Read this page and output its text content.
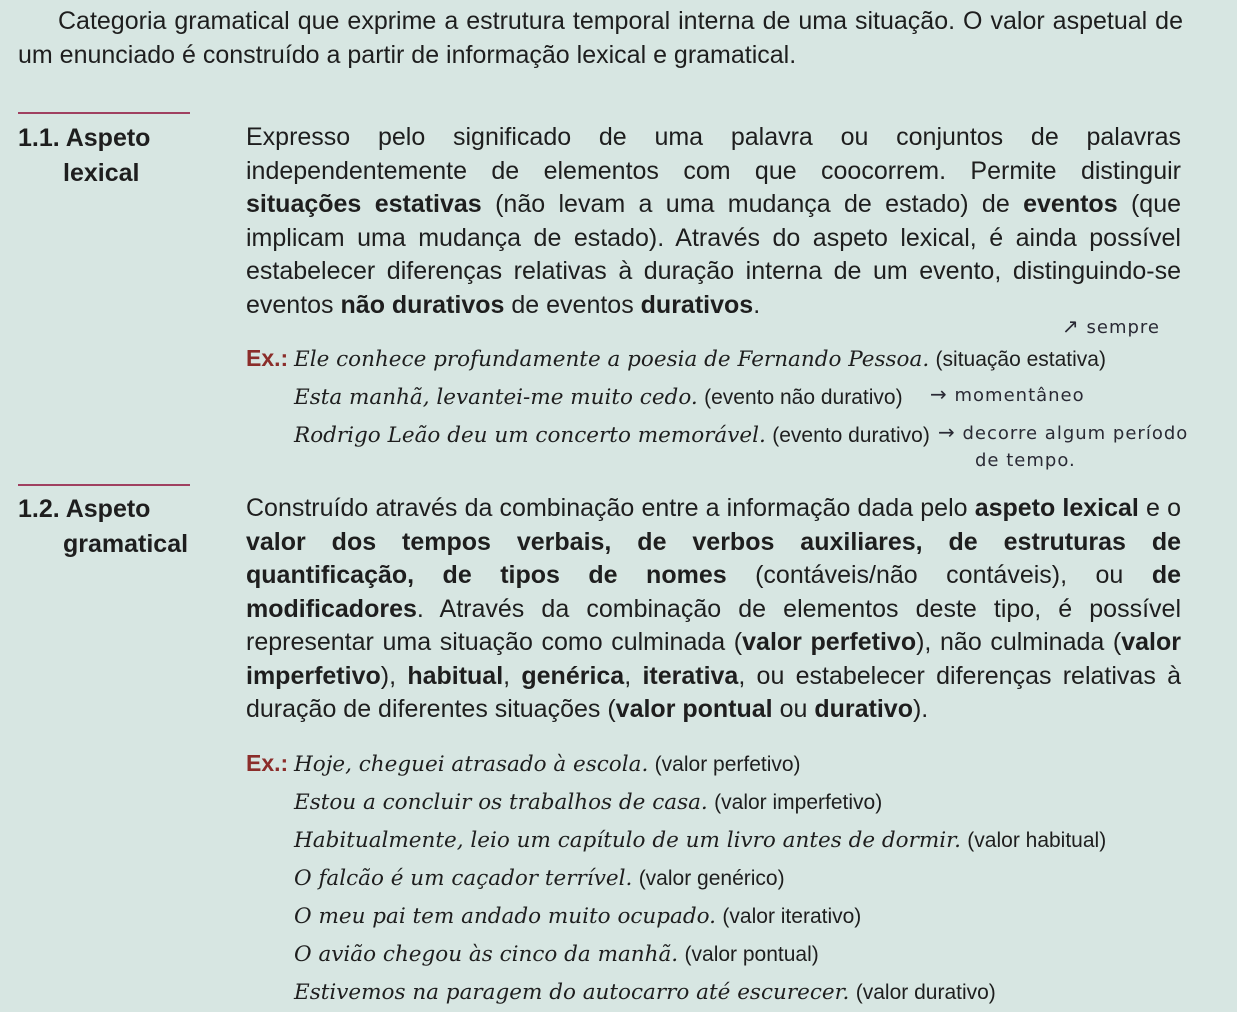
Categoria gramatical que exprime a estrutura temporal interna de uma situação. O valor aspetual de um enunciado é construído a partir de informação lexical e gramatical.

1.1. Aspeto
lexical

Expresso pelo significado de uma palavra ou conjuntos de palavras independentemente de elementos com que coocorrem. Permite distinguir situações estativas (não levam a uma mudança de estado) de eventos (que implicam uma mudança de estado). Através do aspeto lexical, é ainda possível estabelecer diferenças relativas à duração interna de um evento, distinguindo-se eventos não durativos de eventos durativos.

Ex.: Ele conhece profundamente a poesia de Fernando Pessoa. (situação estativa)
Esta manhã, levantei-me muito cedo. (evento não durativo)
Rodrigo Leão deu um concerto memorável. (evento durativo)
1.2. Aspeto
gramatical

Construído através da combinação entre a informação dada pelo aspeto lexical e o valor dos tempos verbais, de verbos auxiliares, de estruturas de quantificação, de tipos de nomes (contáveis/não contáveis), ou de modificadores. Através da combinação de elementos deste tipo, é possível representar uma situação como culminada (valor perfetivo), não culminada (valor imperfetivo), habitual, genérica, iterativa, ou estabelecer diferenças relativas à duração de diferentes situações (valor pontual ou durativo).

Ex.: Hoje, cheguei atrasado à escola. (valor perfetivo)
Estou a concluir os trabalhos de casa. (valor imperfetivo)
Habitualmente, leio um capítulo de um livro antes de dormir. (valor habitual)
O falcão é um caçador terrível. (valor genérico)
O meu pai tem andado muito ocupado. (valor iterativo)
O avião chegou às cinco da manhã. (valor pontual)
Estivemos na paragem do autocarro até escurecer. (valor durativo)
↗ sempre
→ momentâneo
→ decorre algum período
de tempo.
